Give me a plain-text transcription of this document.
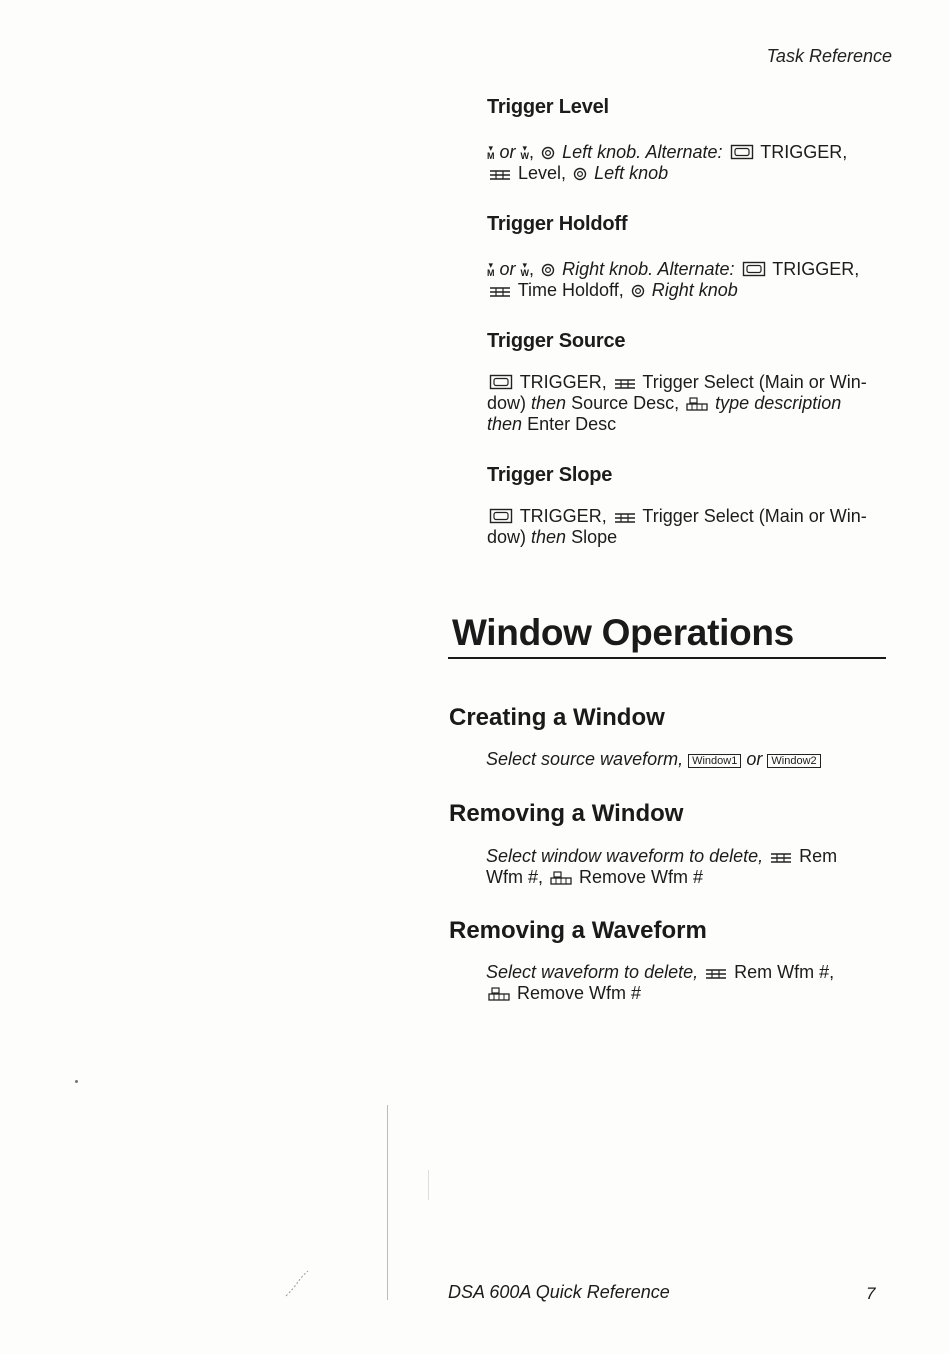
Task Reference
Trigger Level
▾
M or ▾
W, Left knob. Alternate: TRIGGER,
Level, Left knob
Trigger Holdoff
▾
M or ▾
W, Right knob. Alternate: TRIGGER,
Time Holdoff, Right knob
Trigger Source
TRIGGER, Trigger Select (Main or Win-
dow) then Source Desc, type description
then Enter Desc
Trigger Slope
TRIGGER, Trigger Select (Main or Win-
dow) then Slope
Window Operations
Creating a Window
Select source waveform, Window1 or Window2
Removing a Window
Select window waveform to delete, Rem
Wfm #, Remove Wfm #
Removing a Waveform
Select waveform to delete, Rem Wfm #,
Remove Wfm #
DSA 600A Quick Reference	7
